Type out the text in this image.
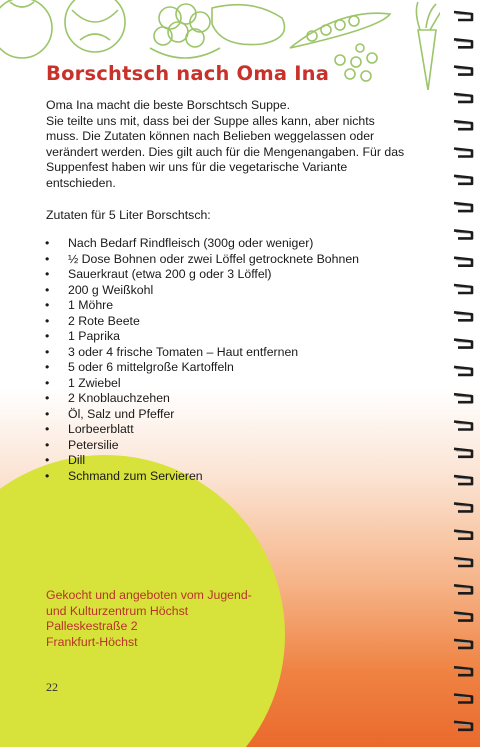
Borschtsch nach Oma Ina

Oma Ina macht die beste Borschtsch Suppe.

Sie teilte uns mit, dass bei der Suppe alles kann, aber nichts muss. Die Zutaten können nach Belieben weggelassen oder verändert werden. Dies gilt auch für die Mengenangaben. Für das Suppenfest haben wir uns für die vegetarische Variante entschieden.

Zutaten für 5 Liter Borschtsch:

• Nach Bedarf Rindfleisch (300g oder weniger)
• ½ Dose Bohnen oder zwei Löffel getrocknete Bohnen
• Sauerkraut (etwa 200 g oder 3 Löffel)
• 200 g Weißkohl
• 1 Möhre
• 2 Rote Beete
• 1 Paprika
• 3 oder 4 frische Tomaten – Haut entfernen
• 5 oder 6 mittelgroße Kartoffeln
• 1 Zwiebel
• 2 Knoblauchzehen
• Öl, Salz und Pfeffer
• Lorbeerblatt
• Petersilie
• Dill
• Schmand zum Servieren
Gekocht und angeboten vom Jugend-
und Kulturzentrum Höchst
Palleskestraße 2
Frankfurt-Höchst
22
